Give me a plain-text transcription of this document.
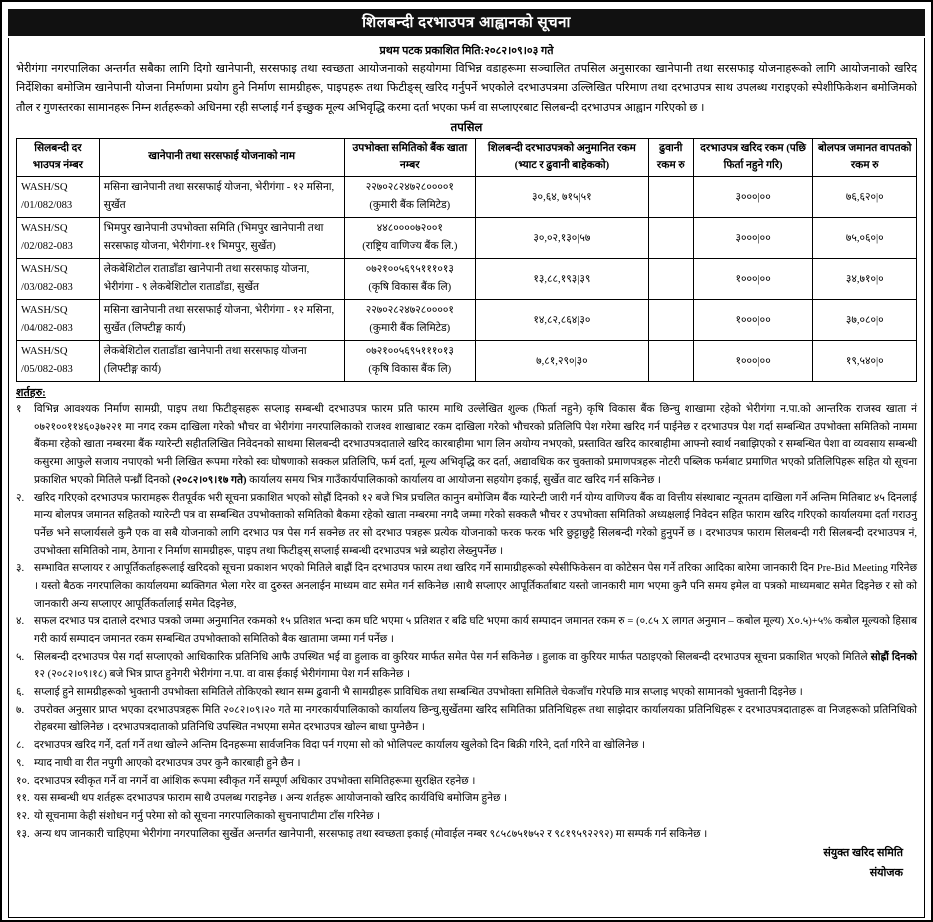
शिलबन्दी दरभाउपत्र आह्वानको सूचना
प्रथम पटक प्रकाशित मिति:२०८२।०९।०३ गते

भेरीगंगा नगरपालिका अन्तर्गत सबैका लागि दिगो खानेपानी, सरसफाइ तथा स्वच्छता आयोजनाको सहयोगमा विभिन्न वडाहरूमा सञ्चालित तपसिल अनुसारका खानेपानी तथा सरसफाइ योजनाहरूको लागि आयोजनाको खरिद निर्देशिका बमोजिम खानेपानी योजना निर्माणमा प्रयोग हुने निर्माण सामग्रीहरू, पाइपहरू तथा फिटीङ्स् खरिद गर्नुपर्ने भएकोले दरभाउपत्रमा उल्लिखित परिमाण तथा दरभाउपत्र साथ उपलब्ध गराइएको स्पेशीफिकेशन बमोजिमको तौल र गुणस्तरका सामानहरू निम्न शर्तहरूको अधिनमा रही सप्लाई गर्न इच्छुक मूल्य अभिवृद्धि करमा दर्ता भएका फर्म वा सप्लाएरबाट सिलबन्दी दरभाउपत्र आह्वान गरिएको छ ।

तपसिल
सिलबन्दी दर भाउपत्र नंम्बर	खानेपानी तथा सरसफाई योजनाको नाम	उपभोक्ता समितिको बैंक खाता नम्बर	शिलबन्दी दरभाउपत्रको अनुमानित रकम (भ्याट र ढुवानी बाहेकको)	ढुवानी रकम रु	दरभाउपत्र खरिद रकम (पछि फिर्ता नहुने गरि)	बोलपत्र जमानत वापतको रकम रु

WASH/SQ
/01/082/083	मसिना खानेपानी तथा सरसफाई योजना, भेरीगंगा - १२ मसिना, सुर्खेत	२२७०२८२४७२८००००१
(कुमारी बैंक लिमिटेड)	३०,६४, ७१५|५१		३०००|००	७६,६२०|०

WASH/SQ
/02/082-083	भिमपुर खानेपानी उपभोक्ता समिति (भिमपुर खानेपानी तथा सरसफाइ योजना, भेरीगंगा-११ भिमपुर, सुर्खेत)	४४८००००७२००१
(राष्ट्रिय वाणिज्य बैंक लि.)	३०,०२,१३०|५७		३०००|००	७५,०६०|०

WASH/SQ
/03/082-083	लेकबेशिटोल राताडाँडा खानेपानी तथा सरसफाइ योजना, भेरीगंगा - ९ लेकबेशिटोल राताडाँडा, सुर्खेत	०७२१००५६९५१११०१३
(कृषि विकास बैंक लि)	१३,८८,१९३|३९		१०००|००	३४,७१०|०

WASH/SQ
/04/082-083	मसिना खानेपानी तथा सरसफाई योजना, भेरीगंगा - १२ मसिना, सुर्खेत (लिफ्टीङ्ग कार्य)	२२७०२८२४७२८००००१
(कुमारी बैंक लिमिटेड)	१४,८२,८६४|३०		१०००|००	३७,०८०|०

WASH/SQ
/05/082-083	लेकबेशिटोल राताडाँडा खानेपानी तथा सरसफाइ योजना (लिफ्टीङ्ग कार्य)	०७२१००५६९५१११०१३
(कृषि विकास बैंक लि)	७,८१,२९०|३०		१०००|००	१९,५४०|०
शर्तहरु:
१	विभिन्न आवश्यक निर्माण सामग्री, पाइप तथा फिटीङ्सहरू सप्लाइ सम्बन्धी दरभाउपत्र फारम प्रति फारम माथि उल्लेखित शुल्क (फिर्ता नहुने) कृषि विकास बैंक छिन्चु शाखामा रहेको भेरीगंगा न.पा.को आन्तरिक राजस्व खाता नं ०७२१००११४६०३७२२१ मा नगद रकम दाखिला गरेको भौचर वा भेरीगंगा नगरपालिकाको राजश्व शाखाबाट रकम दाखिला गरेको भौचरको प्रतिलिपि पेश गरेमा खरिद गर्न पाईनेछ र दरभाउपत्र पेश गर्दा सम्बन्धित उपभोक्ता समितिको नाममा बैंकमा रहेको खाता नम्बरमा बैंक ग्यारेन्टी सहीतलिखित निवेदनको साथमा सिलबन्दी दरभाउपत्रदाताले खरिद कारबाहीमा भाग लिन अयोग्य नभएको, प्रस्तावित खरिद कारबाहीमा आफ्नो स्वार्थ नबाझिएको र सम्बन्धित पेशा वा व्यवसाय सम्बन्धी कसुरमा आफुले सजाय नपाएको भनी लिखित रूपमा गरेको स्वः घोषणाको सक्कल प्रतिलिपि, फर्म दर्ता, मूल्य अभिवृद्धि कर दर्ता, अद्यावधिक कर चुक्ताको प्रमाणपत्रहरू नोटरी पब्लिक फर्मबाट प्रमाणित भएको प्रतिलिपिहरू सहित यो सूचना प्रकाशित भएको मितिले पन्ध्रौं दिनको (२०८२।०९।१७ गते) कार्यालय समय भित्र गाउँकार्यपालिकाको कार्यालय वा आयोजना सहयोग इकाई, सुर्खेत वाट खरिद गर्न सकिनेछ ।
२. खरिद गरिएको दरभाउपत्र फारामहरू रीतपूर्वक भरी सूचना प्रकाशित भएको सोह्रौं दिनको १२ बजे भित्र प्रचलित कानुन बमोजिम बैंक ग्यारेन्टी जारी गर्न योग्य वाणिज्य बैंक वा वित्तीय संस्थाबाट न्यूनतम दाखिला गर्ने अन्तिम मितिबाट ४५ दिनलाई मान्य बोलपत्र जमानत सहितको ग्यारेन्टी पत्र वा सम्बन्धित उपभोक्ताको समितिको बैकमा रहेको खाता नम्बरमा नगदै जम्मा गरेको सक्कलै भौचर र उपभोक्ता समितिको अध्यक्षलाई निवेदन सहित फाराम खरिद गरिएको कार्यालयमा दर्ता गराउनु पर्नेछ भने सप्लार्यसले कुनै एक वा सबै योजनाको लागि दरभाउ पत्र पेस गर्न सक्नेछ तर सो दरभाउ पत्रहरू प्रत्येक योजनाको फरक फरक भरि छुट्टाछुट्टै सिलबन्दी गरेको हुनुपर्ने छ । दरभाउपत्र फाराम सिलबन्दी गरी सिलबन्दी दरभाउपत्र नं, उपभोक्ता समितिको नाम, ठेगाना र निर्माण सामग्रीहरू, पाइप तथा फिटीङ्स् सप्लाई सम्बन्धी दरभाउपत्र भन्ने ब्यहोरा लेख्नुपर्नेछ ।
३. सम्भावित सप्लायर र आपूर्तिकर्ताहरूलाई खरिदको सूचना प्रकाशन भएको मितिले बाह्रौं दिन दरभाउपत्र फारम तथा खरिद गर्ने सामाग्रीहरूको स्पेसीफिकेसन वा कोटेसन पेस गर्ने तरिका आदिका बारेमा जानकारी दिन Pre-Bid Meeting गरिनेछ । यस्तो बैठक नगरपालिका कार्यालयमा ब्यक्तिगत भेला गरेर वा दुरुस्त अनलाईन माध्यम वाट समेत गर्न सकिनेछ ।साथै सप्लाएर आपूर्तिकर्ताबाट यस्तो जानकारी माग भएमा कुनै पनि समय इमेल वा पत्रको माध्यमबाट समेत दिइनेछ र सो को जानकारी अन्य सप्लाएर आपूर्तिकर्तालाई समेत दिइनेछ,
४. सफल दरभाउ पत्र दाताले दरभाउ पत्रको जम्मा अनुमानित रकमको १५ प्रतिशत भन्दा कम घटि भएमा ५ प्रतिशत र बढि घटि भएमा कार्य सम्पादन जमानत रकम रु = (०.८५ X लागत अनुमान – कबोल मूल्य) X०.५)+५% कबोल मूल्यको हिसाब गरी कार्य सम्पादन जमानत रकम सम्बन्धित उपभोक्ताको समितिको बैक खातामा जम्मा गर्न पर्नेछ ।
५. सिलबन्दी दरभाउपत्र पेस गर्दा सप्लाएको आधिकारिक प्रतिनिधि आफै उपस्थित भई वा हुलाक वा कुरियर मार्फत समेत पेस गर्न सकिनेछ । हुलाक वा कुरियर मार्फत पठाइएको सिलबन्दी दरभाउपत्र सूचना प्रकाशित भएको मितिले सोह्रौं दिनको १२ (२०८२।०९।१८) बजे भित्र प्राप्त हुनेगरी भेरीगंगा न.पा. वा वास ईकाई भेरीगंगामा पेश गर्न सकिनेछ ।
६. सप्लाई हुने सामग्रीहरूको भुक्तानी उपभोक्ता समितिले तोकिएको स्थान सम्म ढुवानी भै सामग्रीहरू प्राविधिक तथा सम्बन्धित उपभोक्ता समितिले चेकजाँच गरेपछि मात्र सप्लाइ भएको सामानको भुक्तानी दिइनेछ ।
७. उपरोक्त अनुसार प्राप्त भएका दरभाउपत्रहरू मिति २०८२।०९।२० गते मा नगरकार्यपालिकाको कार्यालय छिन्चु,सुर्खेतमा खरिद समितिका प्रतिनिधिहरू तथा साझेदार कार्यालयका प्रतिनिधिहरू र दरभाउपत्रदाताहरू वा निजहरूको प्रतिनिधिको रोहबरमा खोलिनेछ । दरभाउपत्रदाताको प्रतिनिधि उपस्थित नभएमा समेत दरभाउपत्र खोल्न बाधा पुग्नेछैन ।
८. दरभाउपत्र खरिद गर्ने, दर्ता गर्ने तथा खोल्ने अन्तिम दिनहरूमा सार्वजनिक विदा पर्न गएमा सो को भोलिपल्ट कार्यालय खुलेको दिन बिक्री गरिने, दर्ता गरिने वा खोलिनेछ ।
९. म्याद नाघी वा रीत नपुगी आएको दरभाउपत्र उपर कुनै कारबाही हुने छैन ।
१०. दरभाउपत्र स्वीकृत गर्ने वा नगर्ने वा आंशिक रूपमा स्वीकृत गर्ने सम्पूर्ण अधिकार उपभोक्ता समितिहरूमा सुरक्षित रहनेछ ।
११. यस सम्बन्धी थप शर्तहरू दरभाउपत्र फाराम साथै उपलब्ध गराइनेछ । अन्य शर्तहरू आयोजनाको खरिद कार्यविधि बमोजिम हुनेछ ।
१२. यो सूचनामा केही संशोधन गर्नु परेमा सो को सूचना नगरपालिकाको सुचनापाटीमा टाँस गरिनेछ ।
१३. अन्य थप जानकारी चाहिएमा भेरीगंगा नगरपालिका सुर्खेत अन्तर्गत खानेपानी, सरसफाइ तथा स्वच्छता इकाई (मोवाईल नम्बर ९८५८७५१७५२ र ९८१९५९२२९२) मा सम्पर्क गर्न सकिनेछ ।
संयुक्त खरिद समिति
संयोजक
